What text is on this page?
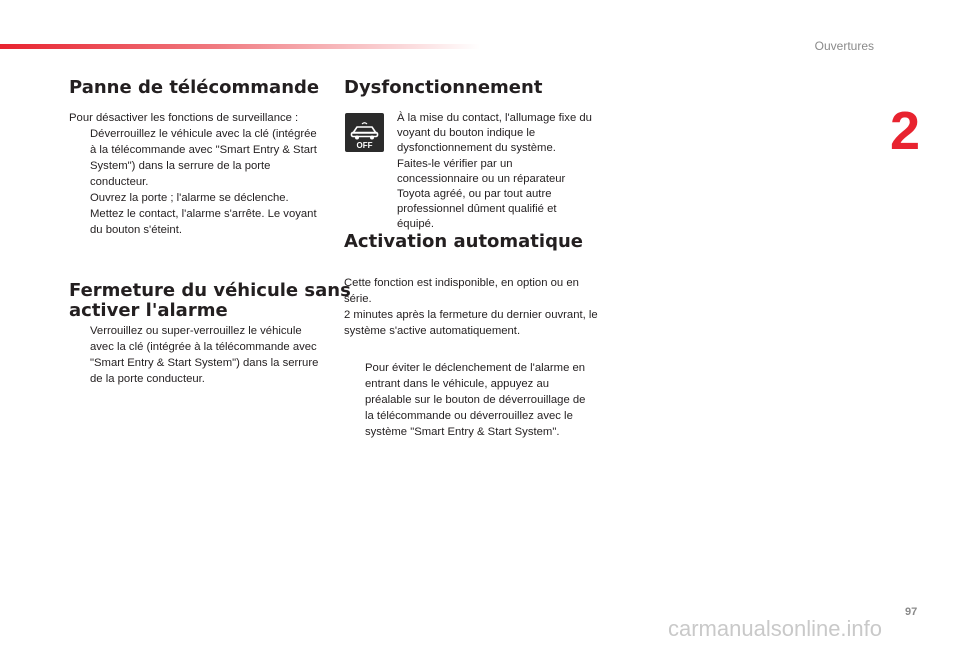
Ouvertures
2
Panne de télécommande

Pour désactiver les fonctions de surveillance :

Déverrouillez le véhicule avec la clé (intégrée à la télécommande avec "Smart Entry & Start System") dans la serrure de la porte conducteur.
Ouvrez la porte ; l'alarme se déclenche.
Mettez le contact, l'alarme s'arrête. Le voyant du bouton s'éteint.
Fermeture du véhicule sans
activer l'alarme
Verrouillez ou super-verrouillez le véhicule avec la clé (intégrée à la télécommande avec "Smart Entry & Start System") dans la serrure de la porte conducteur.
Dysfonctionnement
OFF

À la mise du contact, l'allumage fixe du voyant du bouton indique le dysfonctionnement du système. Faites-le vérifier par un concessionnaire ou un réparateur Toyota agréé, ou par tout autre professionnel dûment qualifié et équipé.

Activation automatique

Cette fonction est indisponible, en option ou en série.

2 minutes après la fermeture du dernier ouvrant, le système s'active automatiquement.

Pour éviter le déclenchement de l'alarme en entrant dans le véhicule, appuyez au préalable sur le bouton de déverrouillage de la télécommande ou déverrouillez avec le système "Smart Entry & Start System".
97
carmanualsonline.info
